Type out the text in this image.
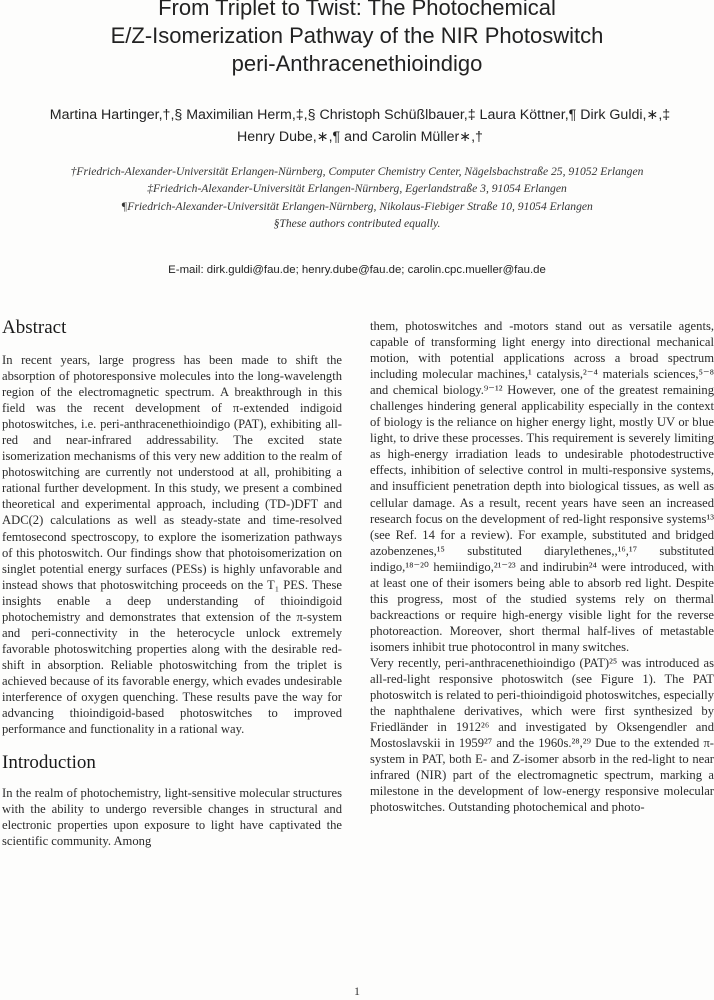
From Triplet to Twist: The Photochemical
E/Z-Isomerization Pathway of the NIR Photoswitch
peri-Anthracenethioindigo
Martina Hartinger,†,§ Maximilian Herm,‡,§ Christoph Schüßlbauer,‡ Laura Köttner,¶ Dirk Guldi,∗,‡ Henry Dube,∗,¶ and Carolin Müller∗,†
†Friedrich-Alexander-Universität Erlangen-Nürnberg, Computer Chemistry Center, Nägelsbachstraße 25, 91052 Erlangen
‡Friedrich-Alexander-Universität Erlangen-Nürnberg, Egerlandstraße 3, 91054 Erlangen
¶Friedrich-Alexander-Universität Erlangen-Nürnberg, Nikolaus-Fiebiger Straße 10, 91054 Erlangen
§These authors contributed equally.
E-mail: dirk.guldi@fau.de; henry.dube@fau.de; carolin.cpc.mueller@fau.de
Abstract

In recent years, large progress has been made to shift the absorption of photoresponsive molecules into the long-wavelength region of the electromagnetic spectrum. A breakthrough in this field was the recent development of π-extended indigoid photoswitches, i.e. peri-anthracenethioindigo (PAT), exhibiting all-red and near-infrared addressability. The excited state isomerization mechanisms of this very new addition to the realm of photoswitching are currently not understood at all, prohibiting a rational further development. In this study, we present a combined theoretical and experimental approach, including (TD-)DFT and ADC(2) calculations as well as steady-state and time-resolved femtosecond spectroscopy, to explore the isomerization pathways of this photoswitch. Our findings show that photoisomerization on singlet potential energy surfaces (PESs) is highly unfavorable and instead shows that photoswitching proceeds on the T₁ PES. These insights enable a deep understanding of thioindigoid photochemistry and demonstrates that extension of the π-system and peri-connectivity in the heterocycle unlock extremely favorable photoswitching properties along with the desirable red-shift in absorption. Reliable photoswitching from the triplet is achieved because of its favorable energy, which evades undesirable interference of oxygen quenching. These results pave the way for advancing thioindigoid-based photoswitches to improved performance and functionality in a rational way.

Introduction

In the realm of photochemistry, light-sensitive molecular structures with the ability to undergo reversible changes in structural and electronic properties upon exposure to light have captivated the scientific community. Among

them, photoswitches and -motors stand out as versatile agents, capable of transforming light energy into directional mechanical motion, with potential applications across a broad spectrum including molecular machines,¹ catalysis,²⁻⁴ materials sciences,⁵⁻⁸ and chemical biology.⁹⁻¹² However, one of the greatest remaining challenges hindering general applicability especially in the context of biology is the reliance on higher energy light, mostly UV or blue light, to drive these processes. This requirement is severely limiting as high-energy irradiation leads to undesirable photodestructive effects, inhibition of selective control in multi-responsive systems, and insufficient penetration depth into biological tissues, as well as cellular damage. As a result, recent years have seen an increased research focus on the development of red-light responsive systems¹³ (see Ref. 14 for a review). For example, substituted and bridged azobenzenes,¹⁵ substituted diarylethenes,,¹⁶,¹⁷ substituted indigo,¹⁸⁻²⁰ hemiindigo,²¹⁻²³ and indirubin²⁴ were introduced, with at least one of their isomers being able to absorb red light. Despite this progress, most of the studied systems rely on thermal backreactions or require high-energy visible light for the reverse photoreaction. Moreover, short thermal half-lives of metastable isomers inhibit true photocontrol in many switches.

Very recently, peri-anthracenethioindigo (PAT)²⁵ was introduced as all-red-light responsive photoswitch (see Figure 1). The PAT photoswitch is related to peri-thioindigoid photoswitches, especially the naphthalene derivatives, which were first synthesized by Friedländer in 1912²⁶ and investigated by Oksengendler and Mostoslavskii in 1959²⁷ and the 1960s.²⁸,²⁹ Due to the extended π-system in PAT, both E- and Z-isomer absorb in the red-light to near infrared (NIR) part of the electromagnetic spectrum, marking a milestone in the development of low-energy responsive molecular photoswitches. Outstanding photochemical and photo-

1
